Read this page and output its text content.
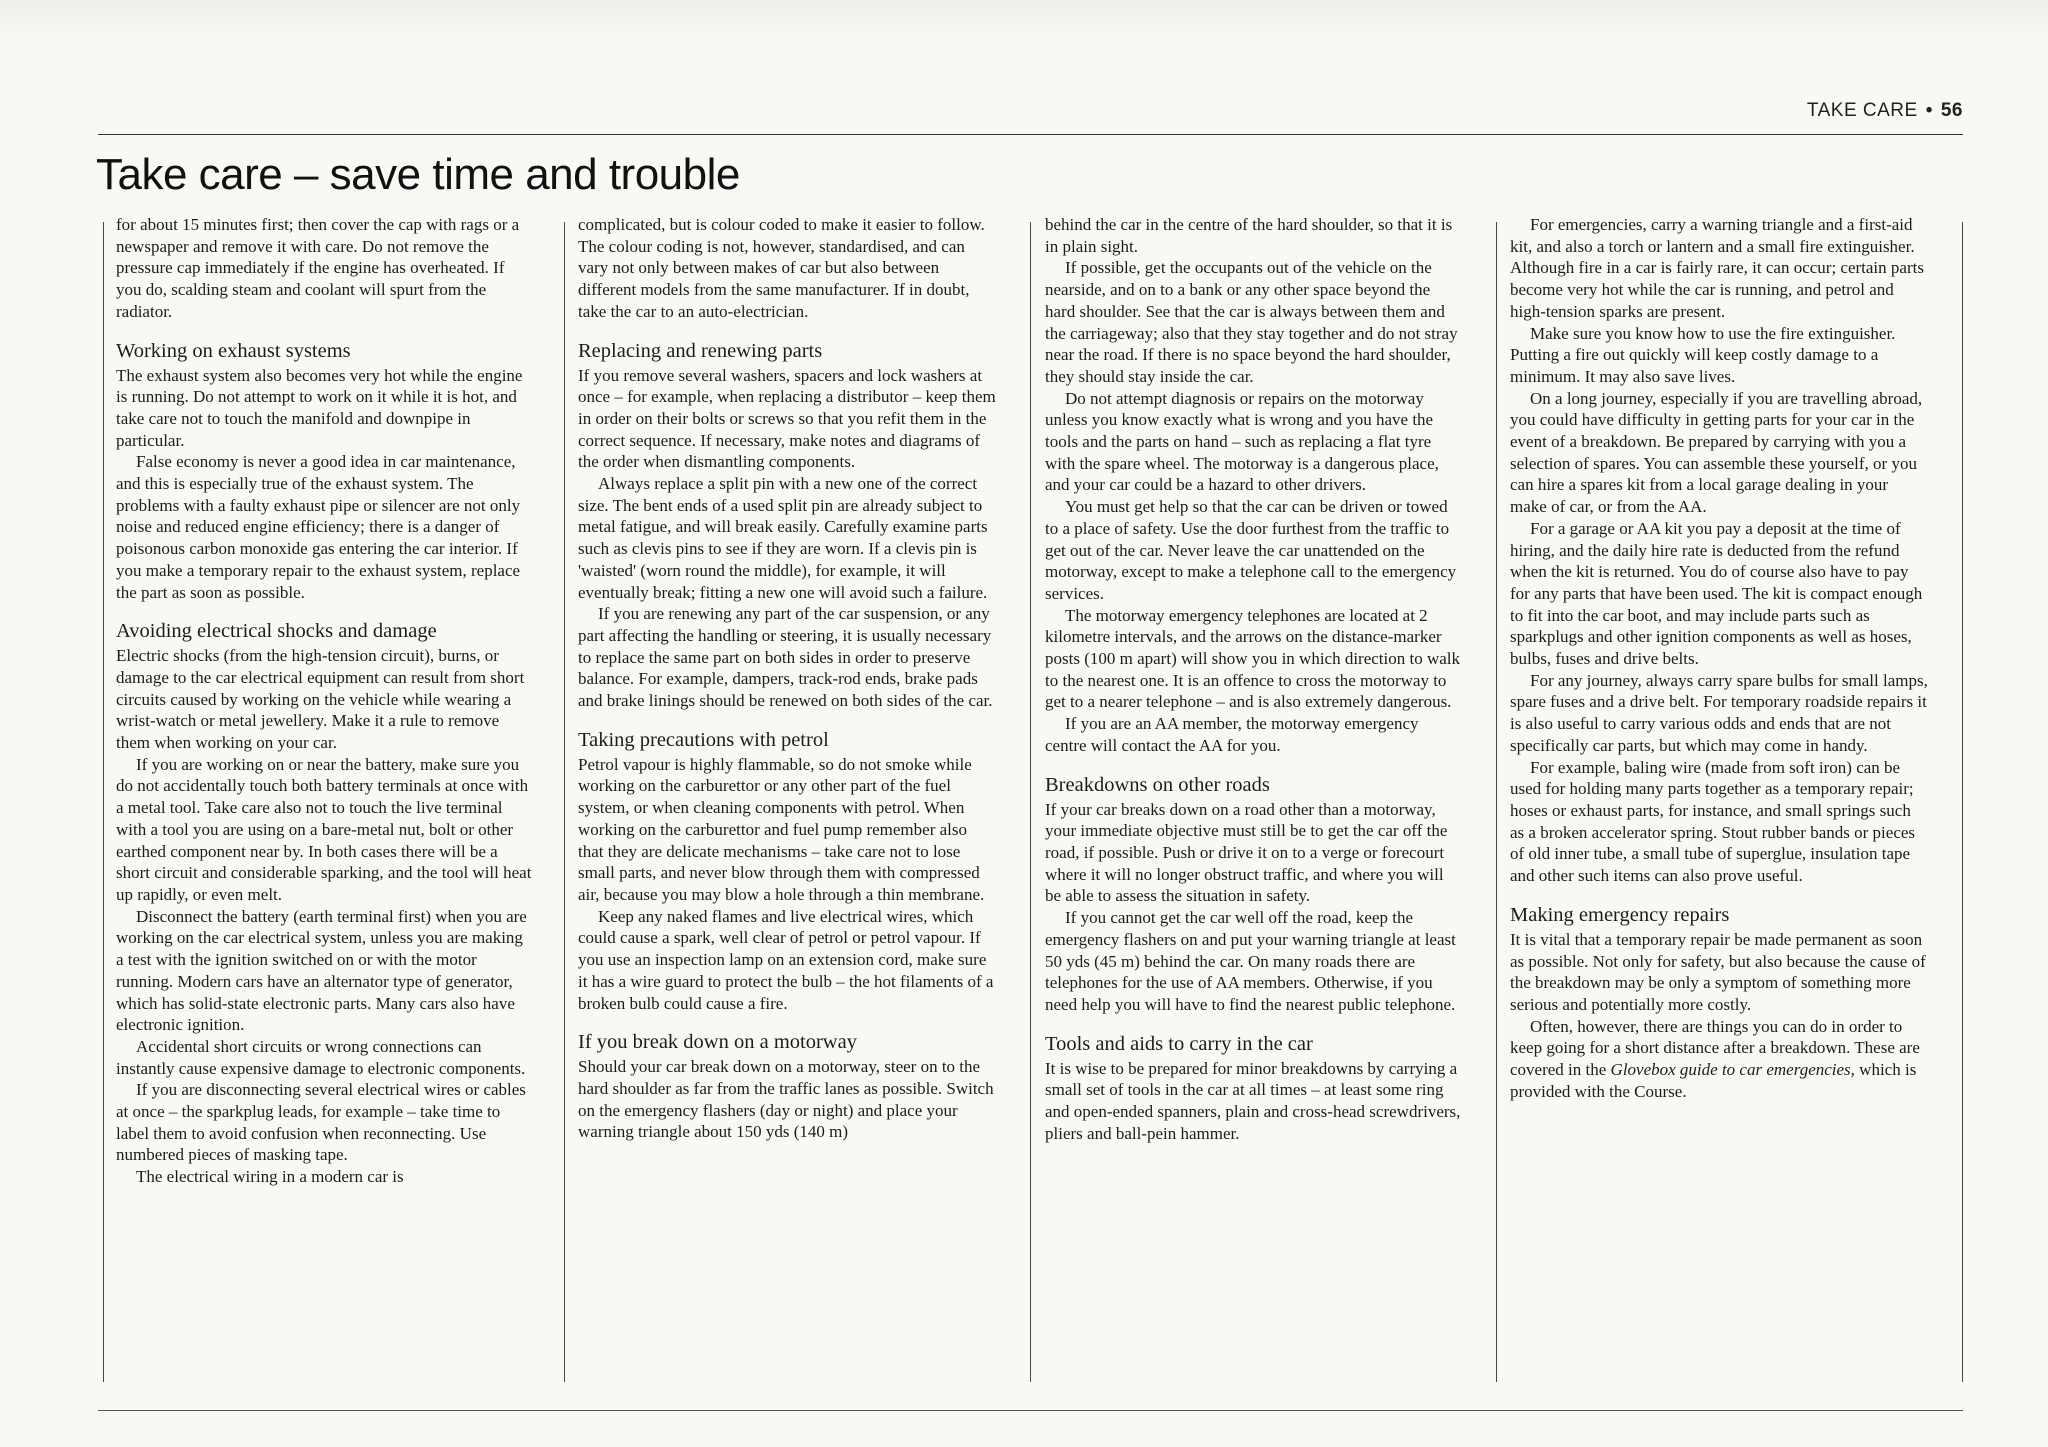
TAKE CARE • 56
Take care – save time and trouble

for about 15 minutes first; then cover the cap with rags or a newspaper and remove it with care. Do not remove the pressure cap immediately if the engine has overheated. If you do, scalding steam and coolant will spurt from the radiator.

Working on exhaust systems

The exhaust system also becomes very hot while the engine is running. Do not attempt to work on it while it is hot, and take care not to touch the manifold and downpipe in particular.

False economy is never a good idea in car maintenance, and this is especially true of the exhaust system. The problems with a faulty exhaust pipe or silencer are not only noise and reduced engine efficiency; there is a danger of poisonous carbon monoxide gas entering the car interior. If you make a temporary repair to the exhaust system, replace the part as soon as possible.

Avoiding electrical shocks and damage

Electric shocks (from the high-tension circuit), burns, or damage to the car electrical equipment can result from short circuits caused by working on the vehicle while wearing a wrist-watch or metal jewellery. Make it a rule to remove them when working on your car.

If you are working on or near the battery, make sure you do not accidentally touch both battery terminals at once with a metal tool. Take care also not to touch the live terminal with a tool you are using on a bare-metal nut, bolt or other earthed component near by. In both cases there will be a short circuit and considerable sparking, and the tool will heat up rapidly, or even melt.

Disconnect the battery (earth terminal first) when you are working on the car electrical system, unless you are making a test with the ignition switched on or with the motor running. Modern cars have an alternator type of generator, which has solid-state electronic parts. Many cars also have electronic ignition.

Accidental short circuits or wrong connections can instantly cause expensive damage to electronic components.

If you are disconnecting several electrical wires or cables at once – the sparkplug leads, for example – take time to label them to avoid confusion when reconnecting. Use numbered pieces of masking tape.

The electrical wiring in a modern car is

complicated, but is colour coded to make it easier to follow. The colour coding is not, however, standardised, and can vary not only between makes of car but also between different models from the same manufacturer. If in doubt, take the car to an auto-electrician.

Replacing and renewing parts

If you remove several washers, spacers and lock washers at once – for example, when replacing a distributor – keep them in order on their bolts or screws so that you refit them in the correct sequence. If necessary, make notes and diagrams of the order when dismantling components.

Always replace a split pin with a new one of the correct size. The bent ends of a used split pin are already subject to metal fatigue, and will break easily. Carefully examine parts such as clevis pins to see if they are worn. If a clevis pin is 'waisted' (worn round the middle), for example, it will eventually break; fitting a new one will avoid such a failure.

If you are renewing any part of the car suspension, or any part affecting the handling or steering, it is usually necessary to replace the same part on both sides in order to preserve balance. For example, dampers, track-rod ends, brake pads and brake linings should be renewed on both sides of the car.

Taking precautions with petrol

Petrol vapour is highly flammable, so do not smoke while working on the carburettor or any other part of the fuel system, or when cleaning components with petrol. When working on the carburettor and fuel pump remember also that they are delicate mechanisms – take care not to lose small parts, and never blow through them with compressed air, because you may blow a hole through a thin membrane.

Keep any naked flames and live electrical wires, which could cause a spark, well clear of petrol or petrol vapour. If you use an inspection lamp on an extension cord, make sure it has a wire guard to protect the bulb – the hot filaments of a broken bulb could cause a fire.

If you break down on a motorway

Should your car break down on a motorway, steer on to the hard shoulder as far from the traffic lanes as possible. Switch on the emergency flashers (day or night) and place your warning triangle about 150 yds (140 m)

behind the car in the centre of the hard shoulder, so that it is in plain sight.

If possible, get the occupants out of the vehicle on the nearside, and on to a bank or any other space beyond the hard shoulder. See that the car is always between them and the carriageway; also that they stay together and do not stray near the road. If there is no space beyond the hard shoulder, they should stay inside the car.

Do not attempt diagnosis or repairs on the motorway unless you know exactly what is wrong and you have the tools and the parts on hand – such as replacing a flat tyre with the spare wheel. The motorway is a dangerous place, and your car could be a hazard to other drivers.

You must get help so that the car can be driven or towed to a place of safety. Use the door furthest from the traffic to get out of the car. Never leave the car unattended on the motorway, except to make a telephone call to the emergency services.

The motorway emergency telephones are located at 2 kilometre intervals, and the arrows on the distance-marker posts (100 m apart) will show you in which direction to walk to the nearest one. It is an offence to cross the motorway to get to a nearer telephone – and is also extremely dangerous.

If you are an AA member, the motorway emergency centre will contact the AA for you.

Breakdowns on other roads

If your car breaks down on a road other than a motorway, your immediate objective must still be to get the car off the road, if possible. Push or drive it on to a verge or forecourt where it will no longer obstruct traffic, and where you will be able to assess the situation in safety.

If you cannot get the car well off the road, keep the emergency flashers on and put your warning triangle at least 50 yds (45 m) behind the car. On many roads there are telephones for the use of AA members. Otherwise, if you need help you will have to find the nearest public telephone.

Tools and aids to carry in the car

It is wise to be prepared for minor breakdowns by carrying a small set of tools in the car at all times – at least some ring and open-ended spanners, plain and cross-head screwdrivers, pliers and ball-pein hammer.

For emergencies, carry a warning triangle and a first-aid kit, and also a torch or lantern and a small fire extinguisher. Although fire in a car is fairly rare, it can occur; certain parts become very hot while the car is running, and petrol and high-tension sparks are present.

Make sure you know how to use the fire extinguisher. Putting a fire out quickly will keep costly damage to a minimum. It may also save lives.

On a long journey, especially if you are travelling abroad, you could have difficulty in getting parts for your car in the event of a breakdown. Be prepared by carrying with you a selection of spares. You can assemble these yourself, or you can hire a spares kit from a local garage dealing in your make of car, or from the AA.

For a garage or AA kit you pay a deposit at the time of hiring, and the daily hire rate is deducted from the refund when the kit is returned. You do of course also have to pay for any parts that have been used. The kit is compact enough to fit into the car boot, and may include parts such as sparkplugs and other ignition components as well as hoses, bulbs, fuses and drive belts.

For any journey, always carry spare bulbs for small lamps, spare fuses and a drive belt. For temporary roadside repairs it is also useful to carry various odds and ends that are not specifically car parts, but which may come in handy.

For example, baling wire (made from soft iron) can be used for holding many parts together as a temporary repair; hoses or exhaust parts, for instance, and small springs such as a broken accelerator spring. Stout rubber bands or pieces of old inner tube, a small tube of superglue, insulation tape and other such items can also prove useful.

Making emergency repairs

It is vital that a temporary repair be made permanent as soon as possible. Not only for safety, but also because the cause of the breakdown may be only a symptom of something more serious and potentially more costly.

Often, however, there are things you can do in order to keep going for a short distance after a breakdown. These are covered in the Glovebox guide to car emergencies, which is provided with the Course.
